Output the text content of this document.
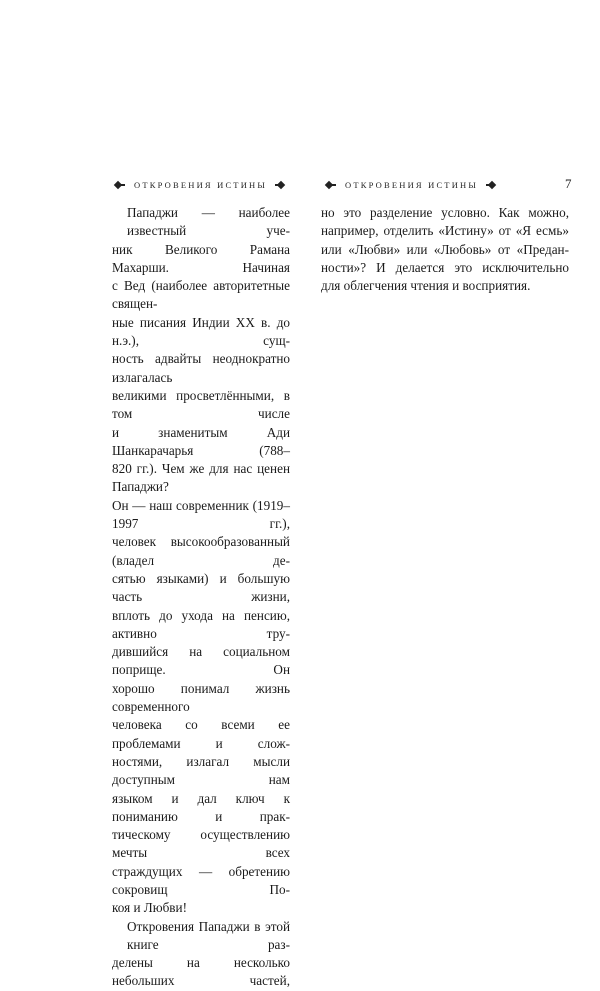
ОТКРОВЕНИЯ ИСТИНЫ	ОТКРОВЕНИЯ ИСТИНЫ	7
Пападжи — наиболее известный уче-
ник Великого Рамана Махарши. Начиная
с Вед (наиболее авторитетные священ-
ные писания Индии XX в. до н.э.), сущ-
ность адвайты неоднократно излагалась
великими просветлёнными, в том числе
и знаменитым Ади Шанкарачарья (788–
820 гг.). Чем же для нас ценен Пападжи?
Он — наш современник (1919–1997 гг.),
человек высокообразованный (владел де-
сятью языками) и большую часть жизни,
вплоть до ухода на пенсию, активно тру-
дившийся на социальном поприще. Он
хорошо понимал жизнь современного
человека со всеми ее проблемами и слож-
ностями, излагал мысли доступным нам
языком и дал ключ к пониманию и прак-
тическому осуществлению мечты всех
страждущих — обретению сокровищ По-
коя и Любви!
Откровения Пападжи в этой книге раз-
делены на несколько небольших частей,
но это разделение условно. Как можно,
например, отделить «Истину» от «Я есмь»
или «Любви» или «Любовь» от «Предан-
ности»? И делается это исключительно
для облегчения чтения и восприятия.
